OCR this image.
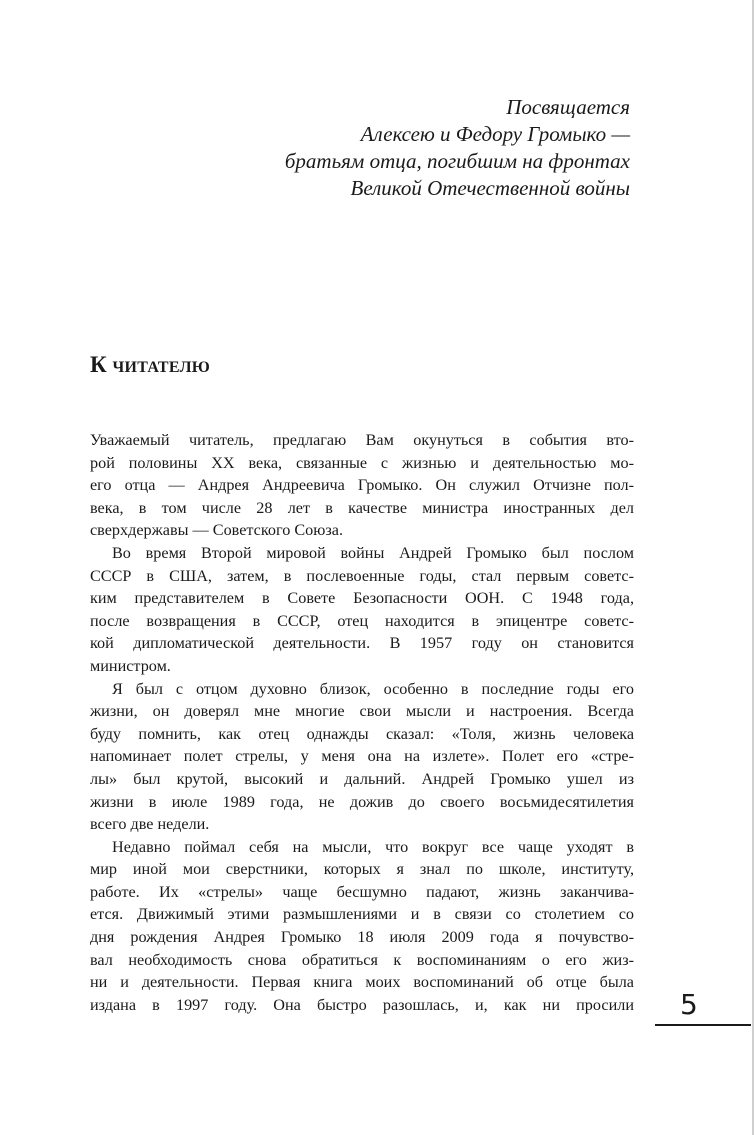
Посвящается
Алексею и Федору Громыко —
братьям отца, погибшим на фронтах
Великой Отечественной войны
К читателю
Уважаемый читатель, предлагаю Вам окунуться в события вто-
рой половины XX века, связанные с жизнью и деятельностью мо-
его отца — Андрея Андреевича Громыко. Он служил Отчизне пол-
века, в том числе 28 лет в качестве министра иностранных дел
сверхдержавы — Советского Союза.
Во время Второй мировой войны Андрей Громыко был послом
СССР в США, затем, в послевоенные годы, стал первым советс-
ким представителем в Совете Безопасности ООН. С 1948 года,
после возвращения в СССР, отец находится в эпицентре советс-
кой дипломатической деятельности. В 1957 году он становится
министром.
Я был с отцом духовно близок, особенно в последние годы его
жизни, он доверял мне многие свои мысли и настроения. Всегда
буду помнить, как отец однажды сказал: «Толя, жизнь человека
напоминает полет стрелы, у меня она на излете». Полет его «стре-
лы» был крутой, высокий и дальний. Андрей Громыко ушел из
жизни в июле 1989 года, не дожив до своего восьмидесятилетия
всего две недели.
Недавно поймал себя на мысли, что вокруг все чаще уходят в
мир иной мои сверстники, которых я знал по школе, институту,
работе. Их «стрелы» чаще бесшумно падают, жизнь заканчива-
ется. Движимый этими размышлениями и в связи со столетием со
дня рождения Андрея Громыко 18 июля 2009 года я почувство-
вал необходимость снова обратиться к воспоминаниям о его жиз-
ни и деятельности. Первая книга моих воспоминаний об отце была
издана в 1997 году. Она быстро разошлась, и, как ни просили 5
